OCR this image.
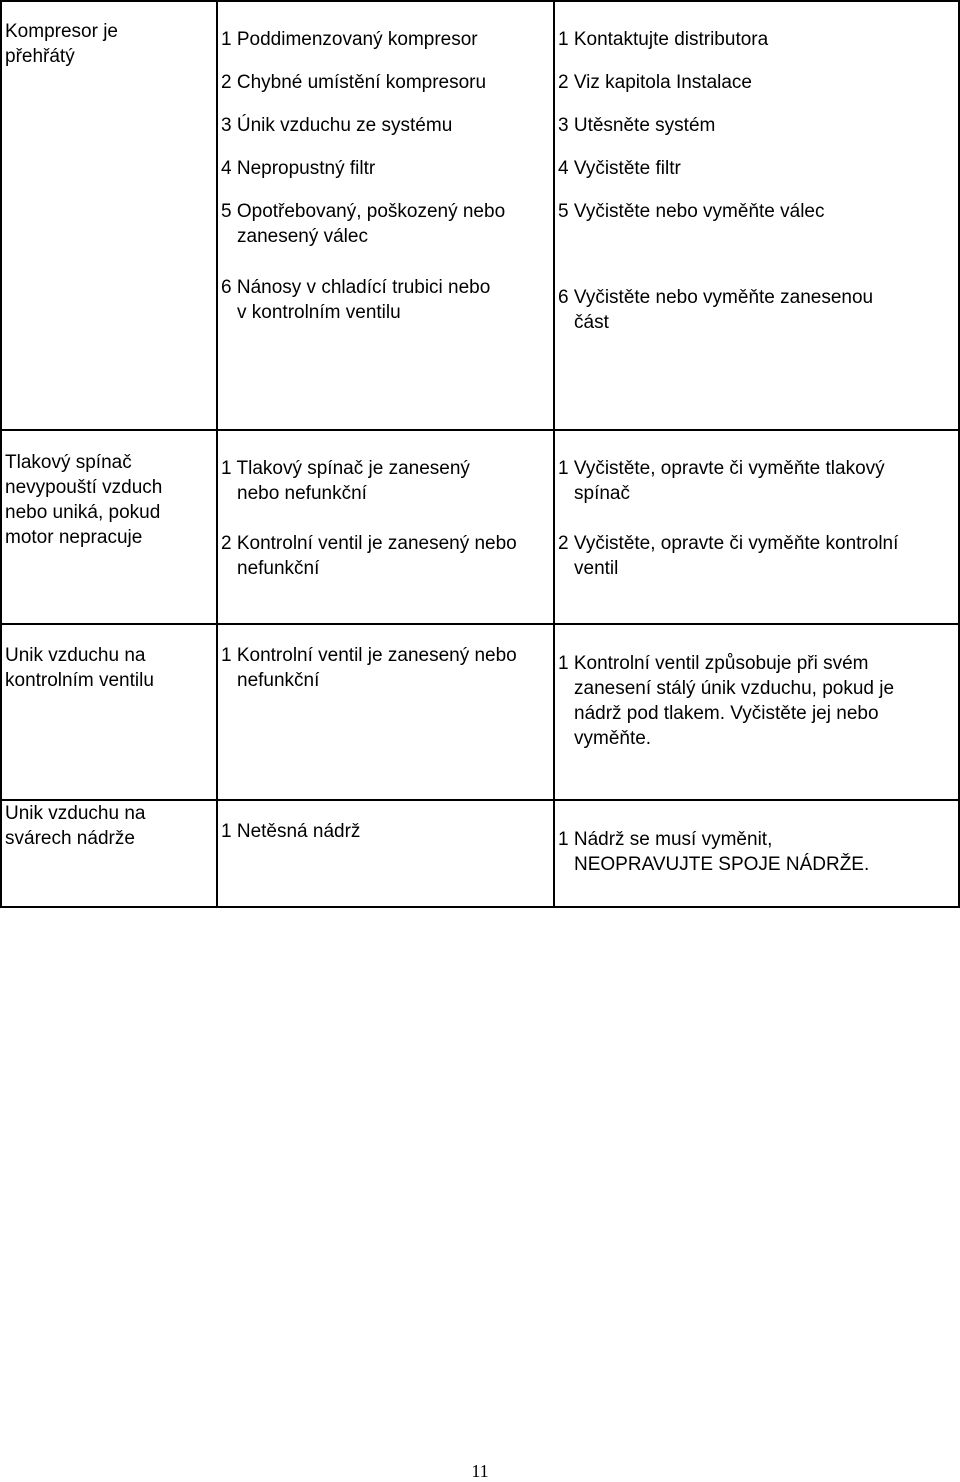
Kompresor je
přehřátý

1 Poddimenzovaný kompresor

2 Chybné umístění kompresoru

3 Únik vzduchu ze systému

4 Nepropustný filtr

5 Opotřebovaný, poškozený nebo
zanesený válec

6 Nánosy v chladící trubici nebo
v kontrolním ventilu

1 Kontaktujte distributora

2 Viz kapitola Instalace

3 Utěsněte systém

4 Vyčistěte filtr

5 Vyčistěte nebo vyměňte válec

6 Vyčistěte nebo vyměňte zanesenou
část

Tlakový spínač
nevypouští vzduch
nebo uniká, pokud
motor nepracuje

1 Tlakový spínač je zanesený
nebo nefunkční

2 Kontrolní ventil je zanesený nebo
nefunkční

1 Vyčistěte, opravte či vyměňte tlakový
spínač

2 Vyčistěte, opravte či vyměňte kontrolní
ventil

Unik vzduchu na
kontrolním ventilu

1 Kontrolní ventil je zanesený nebo
nefunkční

1 Kontrolní ventil způsobuje při svém
zanesení stálý únik vzduchu, pokud je
nádrž pod tlakem. Vyčistěte jej nebo
vyměňte.

Unik vzduchu na
svárech nádrže	1 Netěsná nádrž	1 Nádrž se musí vyměnit,
NEOPRAVUJTE SPOJE NÁDRŽE.

11
